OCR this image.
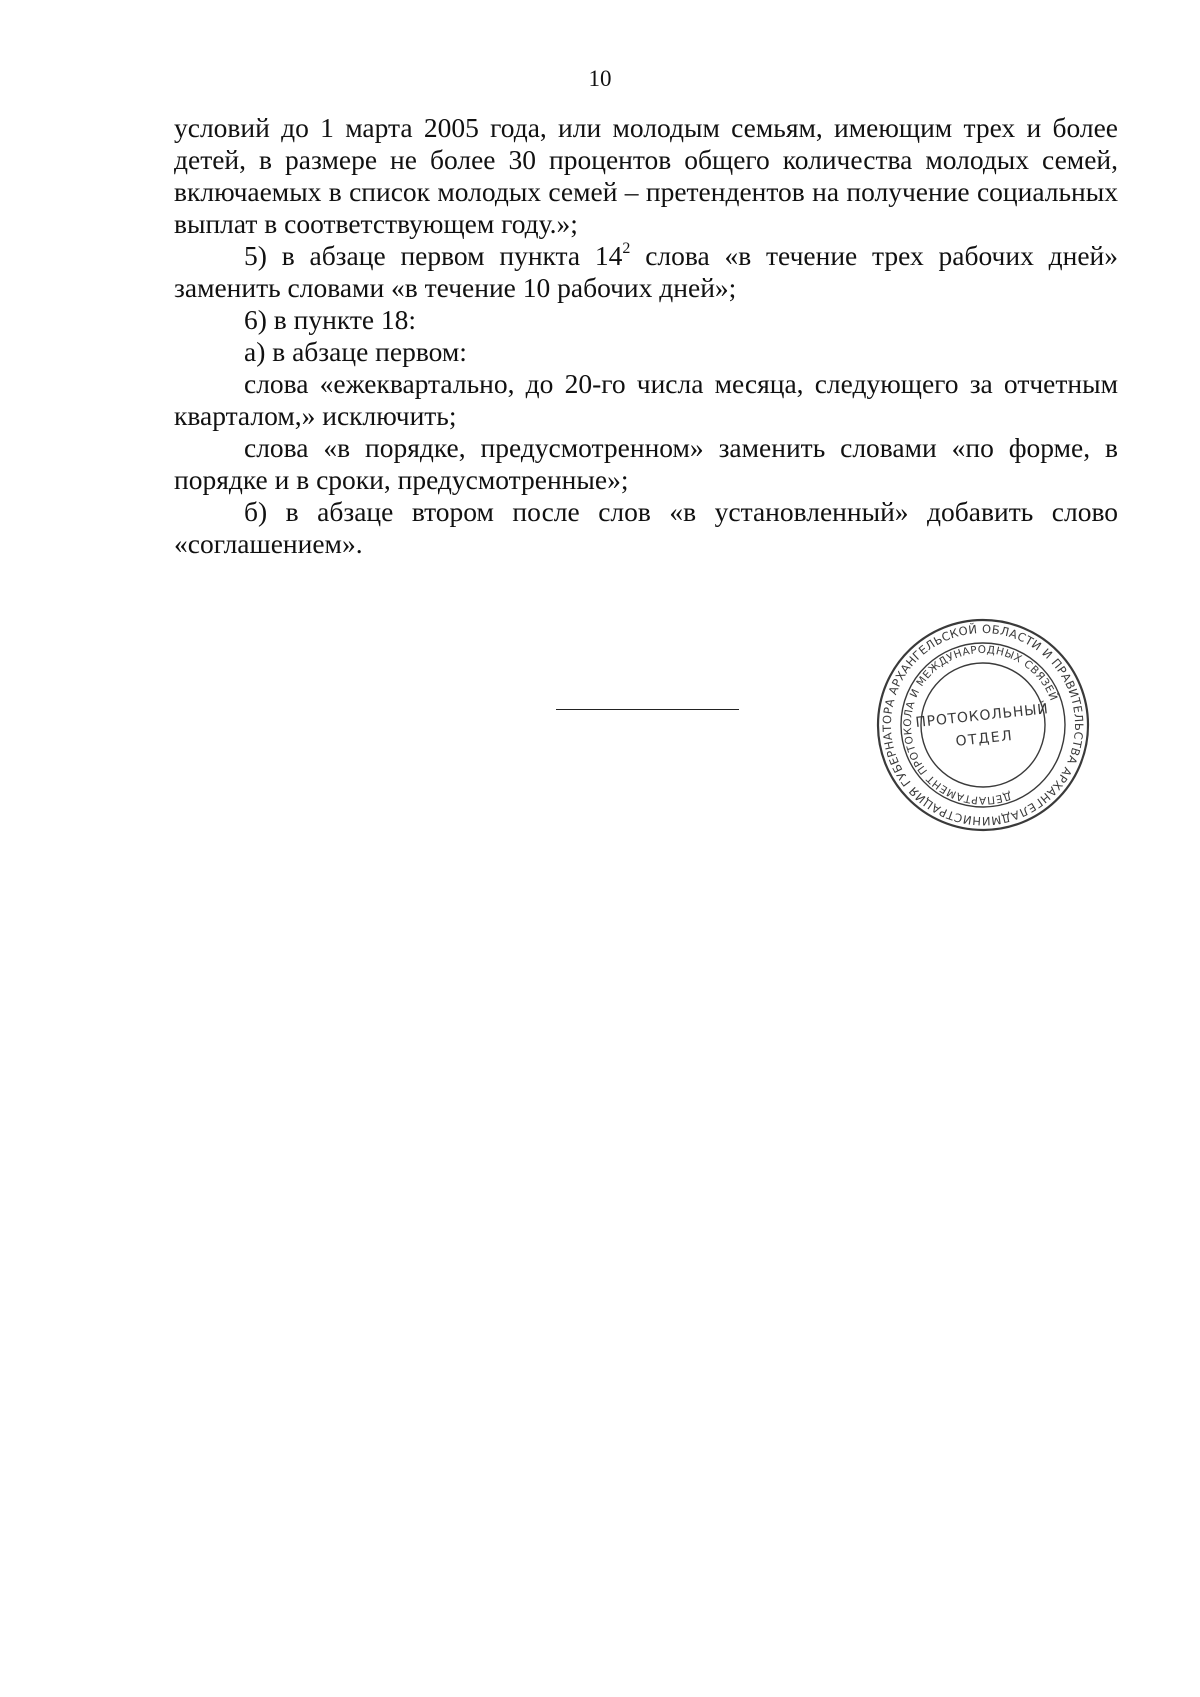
10

условий до 1 марта 2005 года, или молодым семьям, имеющим трех и более детей, в размере не более 30 процентов общего количества молодых семей, включаемых в список молодых семей – претендентов на получение социальных выплат в соответствующем году.»;

5) в абзаце первом пункта $14^2$ слова «в течение трех рабочих дней» заменить словами «в течение 10 рабочих дней»;

6) в пункте 18:

а) в абзаце первом:

слова «ежеквартально, до 20-го числа месяца, следующего за отчетным кварталом,» исключить;

слова «в порядке, предусмотренном» заменить словами «по форме, в порядке и в сроки, предусмотренные»;

б) в абзаце втором после слов «в установленный» добавить слово «соглашением».

АДМИНИСТРАЦИЯ ГУБЕРНАТОРА АРХАНГЕЛЬСКОЙ ОБЛАСТИ И ПРАВИТЕЛЬСТВА АРХАНГЕЛЬСКОЙ
ДЕПАРТАМЕНТ ПРОТОКОЛА И МЕЖДУНАРОДНЫХ СВЯЗЕЙ
ПРОТОКОЛЬНЫЙ
ОТДЕЛ
